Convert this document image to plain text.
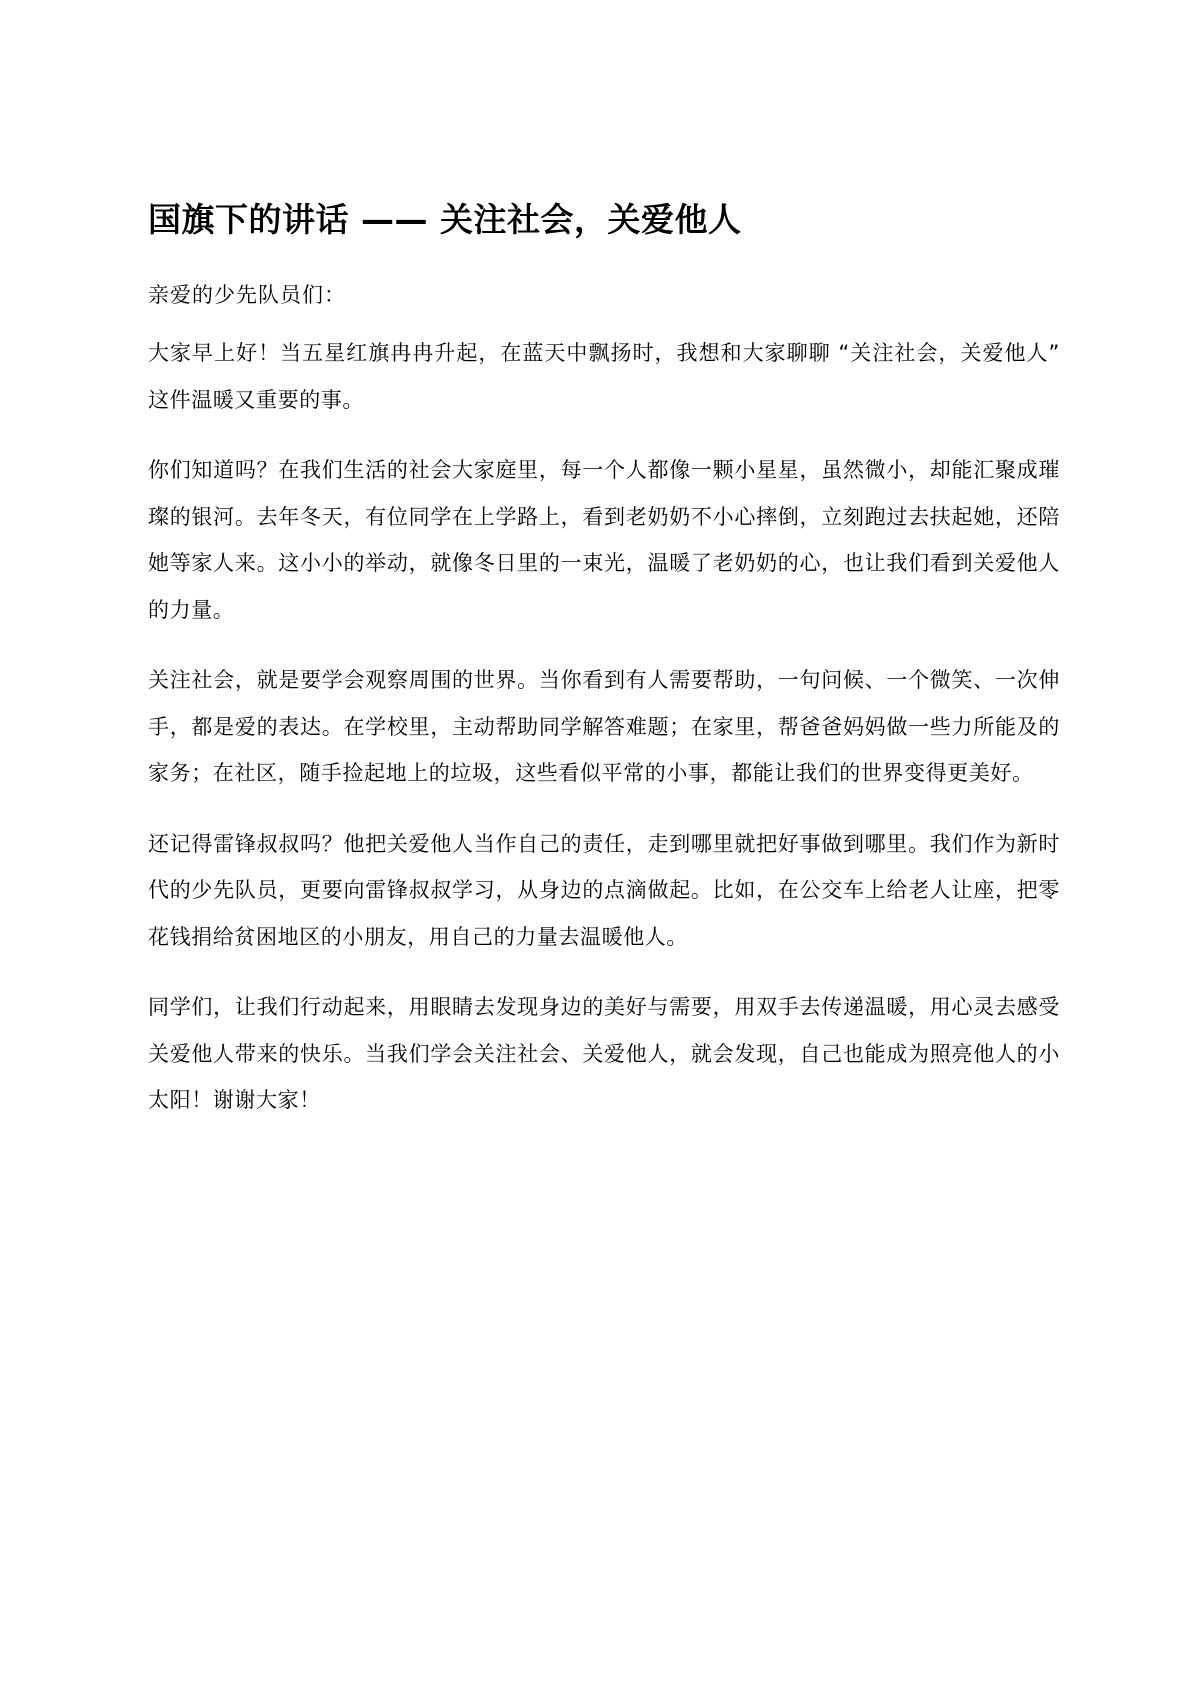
国旗下的讲话 —— 关注社会，关爱他人

亲爱的少先队员们：

大家早上好！当五星红旗冉冉升起，在蓝天中飘扬时，我想和大家聊聊 “关注社会，关爱他人” 这件温暖又重要的事。

你们知道吗？在我们生活的社会大家庭里，每一个人都像一颗小星星，虽然微小，却能汇聚成璀璨的银河。去年冬天，有位同学在上学路上，看到老奶奶不小心摔倒，立刻跑过去扶起她，还陪她等家人来。这小小的举动，就像冬日里的一束光，温暖了老奶奶的心，也让我们看到关爱他人的力量。

关注社会，就是要学会观察周围的世界。当你看到有人需要帮助，一句问候、一个微笑、一次伸手，都是爱的表达。在学校里，主动帮助同学解答难题；在家里，帮爸爸妈妈做一些力所能及的家务；在社区，随手捡起地上的垃圾，这些看似平常的小事，都能让我们的世界变得更美好。

还记得雷锋叔叔吗？他把关爱他人当作自己的责任，走到哪里就把好事做到哪里。我们作为新时代的少先队员，更要向雷锋叔叔学习，从身边的点滴做起。比如，在公交车上给老人让座，把零花钱捐给贫困地区的小朋友，用自己的力量去温暖他人。

同学们，让我们行动起来，用眼睛去发现身边的美好与需要，用双手去传递温暖，用心灵去感受关爱他人带来的快乐。当我们学会关注社会、关爱他人，就会发现，自己也能成为照亮他人的小太阳！谢谢大家！
